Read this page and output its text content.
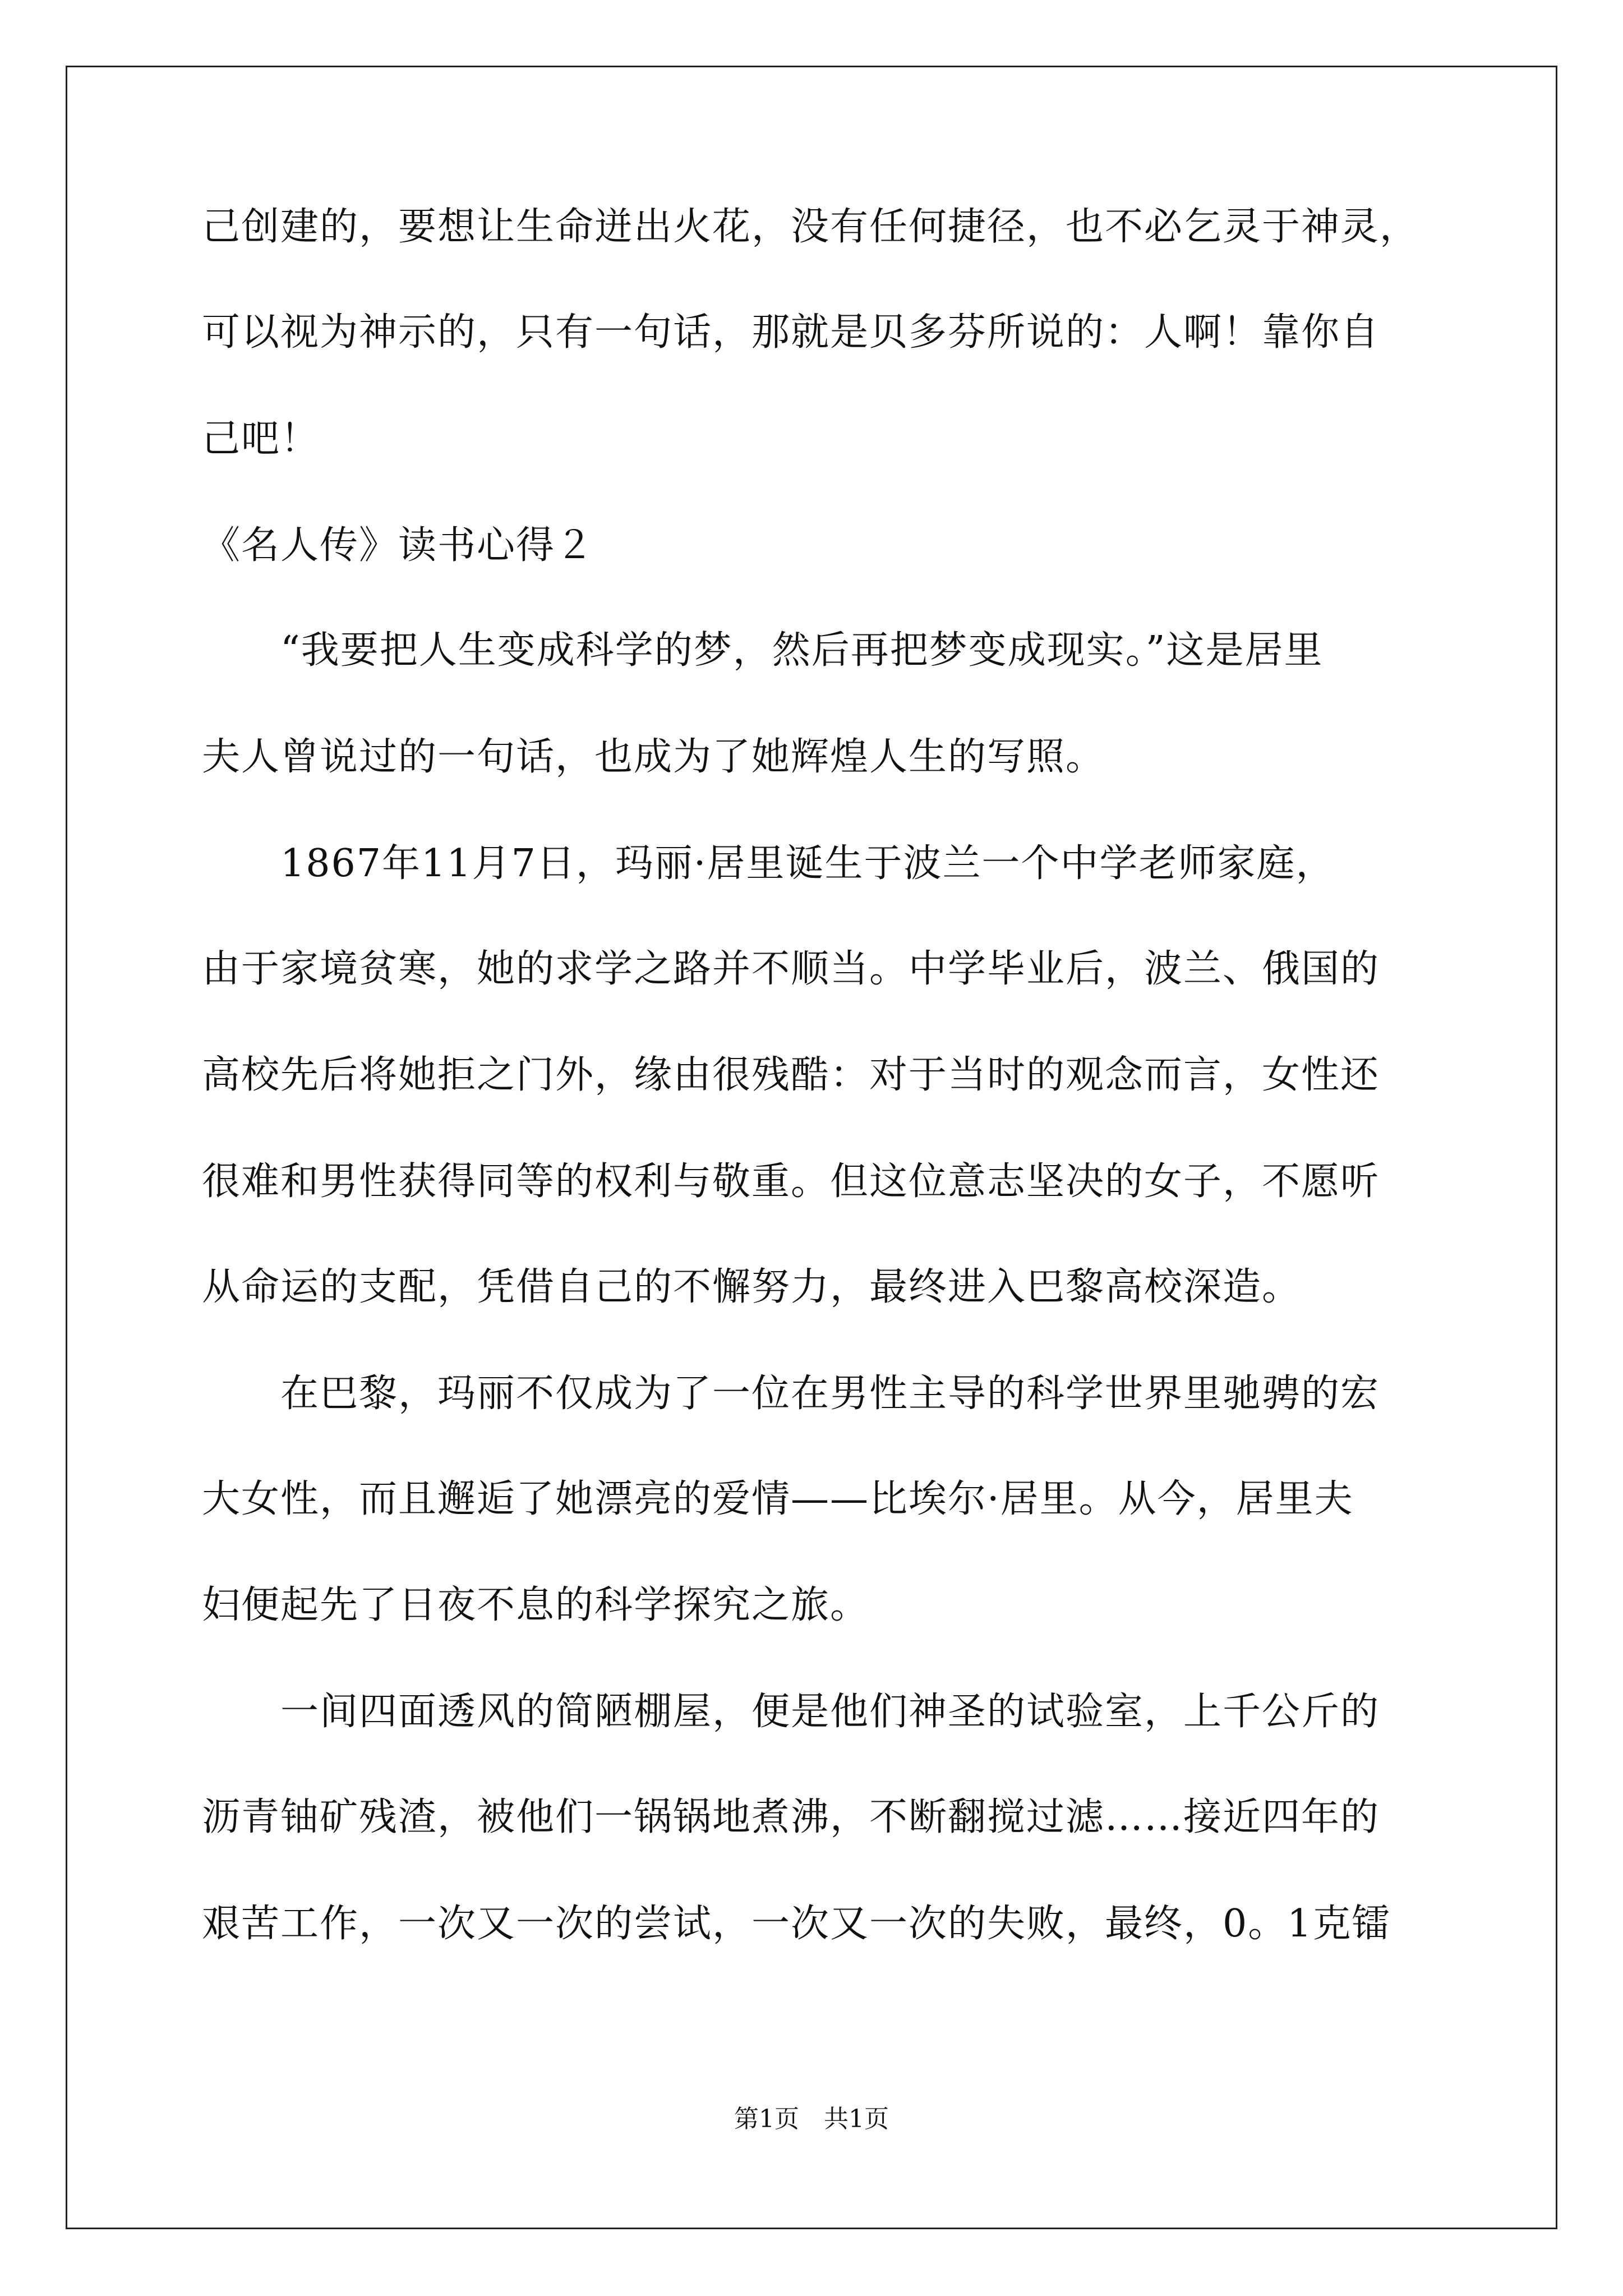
己创建的，要想让生命迸出火花，没有任何捷径，也不必乞灵于神灵，
可以视为神示的，只有一句话，那就是贝多芬所说的：人啊！靠你自
己吧！
《名人传》读书心得２
　　“我要把人生变成科学的梦，然后再把梦变成现实。”这是居里
夫人曾说过的一句话，也成为了她辉煌人生的写照。
　　1867年11月7日，玛丽·居里诞生于波兰一个中学老师家庭，
由于家境贫寒，她的求学之路并不顺当。中学毕业后，波兰、俄国的
高校先后将她拒之门外，缘由很残酷：对于当时的观念而言，女性还
很难和男性获得同等的权利与敬重。但这位意志坚决的女子，不愿听
从命运的支配，凭借自己的不懈努力，最终进入巴黎高校深造。
　　在巴黎，玛丽不仅成为了一位在男性主导的科学世界里驰骋的宏
大女性，而且邂逅了她漂亮的爱情——比埃尔·居里。从今，居里夫
妇便起先了日夜不息的科学探究之旅。
　　一间四面透风的简陋棚屋，便是他们神圣的试验室，上千公斤的
沥青铀矿残渣，被他们一锅锅地煮沸，不断翻搅过滤……接近四年的
艰苦工作，一次又一次的尝试，一次又一次的失败，最终，0。1克镭
第1页　共1页
